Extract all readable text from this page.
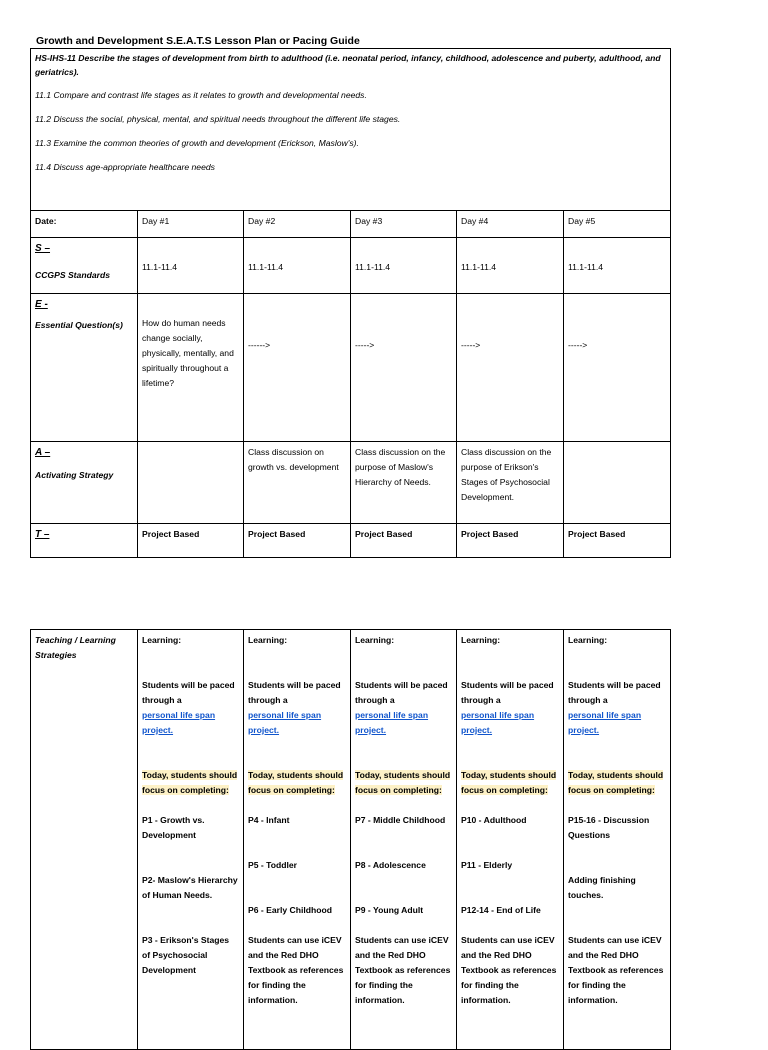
Growth and Development S.E.A.T.S Lesson Plan or Pacing Guide

HS-IHS-11 Describe the stages of development from birth to adulthood (i.e. neonatal period, infancy, childhood, adolescence and puberty, adulthood, and geriatrics).

11.1 Compare and contrast life stages as it relates to growth and developmental needs.

11.2 Discuss the social, physical, mental, and spiritual needs throughout the different life stages.

11.3 Examine the common theories of growth and development (Erickson, Maslow's).

11.4 Discuss age-appropriate healthcare needs					

Date:	Day #1	Day #2	Day #3	Day #4	Day #5

S –
CCGPS Standards	11.1-11.4	11.1-11.4	11.1-11.4	11.1-11.4	11.1-11.4

E -
Essential Question(s)	How do human needs change socially, physically, mentally, and spiritually throughout a lifetime?	------>	----->	----->	----->

A –
Activating Strategy		Class discussion on growth vs. development	Class discussion on the purpose of Maslow's Hierarchy of Needs.	Class discussion on the purpose of Erikson's Stages of Psychosocial Development.	

T –	Project Based	Project Based	Project Based	Project Based	Project Based
Teaching / Learning Strategies	
Learning:
Students will be paced through a
personal life span project.
Today, students should focus on completing:
P1 - Growth vs. Development
P2- Maslow's Hierarchy of Human Needs.
P3 - Erikson's Stages of Psychosocial Development

Learning:
Students will be paced through a
personal life span project.
Today, students should focus on completing:
P4 - Infant
P5 - Toddler
P6 - Early Childhood
Students can use iCEV and the Red DHO Textbook as references for finding the information.

Learning:
Students will be paced through a
personal life span project.
Today, students should focus on completing:
P7 - Middle Childhood
P8 - Adolescence
P9 - Young Adult
Students can use iCEV and the Red DHO Textbook as references for finding the information.

Learning:
Students will be paced through a
personal life span project.
Today, students should focus on completing:
P10 - Adulthood
P11 - Elderly
P12-14 - End of Life
Students can use iCEV and the Red DHO Textbook as references for finding the information.

Learning:
Students will be paced through a
personal life span project.
Today, students should focus on completing:
P15-16 - Discussion Questions
Adding finishing touches.
Students can use iCEV and the Red DHO Textbook as references for finding the information.
